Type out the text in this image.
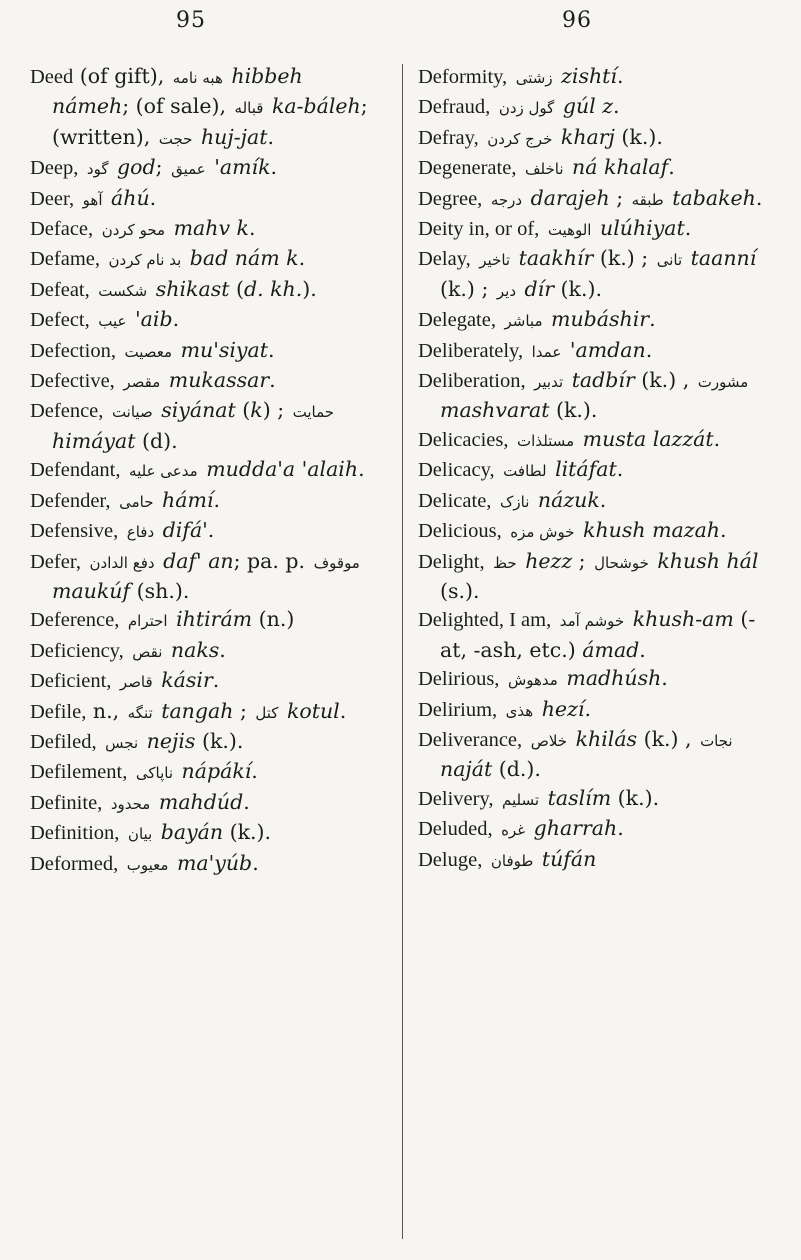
95	96

Deed (of gift), هبه نامه hibbeh námeh; (of sale), قباله ka-báleh; (written), حجت huj-jat.

Deep, گود god; عميق 'amík.

Deer, آهو áhú.

Deface, محو کردن mahv k.

Defame, بد نام کردن bad nám k.

Defeat, شکست shikast (d. kh.).

Defect, عيب 'aib.

Defection, معصيت mu'siyat.

Defective, مقصر mukassar.

Defence, صيانت siyánat (k) ; حمايت himáyat (d).

Defendant, مدعی عليه mudda'a 'alaih.

Defender, حامی hámí.

Defensive, دفاع difá'.

Defer, دفع الدادن daf' an; pa. p. موقوف maukúf (sh.).

Deference, احترام ihtirám (n.)

Deficiency, نقص naks.

Deficient, قاصر kásir.

Defile, n., تنگه tangah ; کتل kotul.

Defiled, نجس nejis (k.).

Defilement, ناپاکی nápákí.

Definite, محدود mahdúd.

Definition, بيان bayán (k.).

Deformed, معيوب ma'yúb.

Deformity, زشتی zishtí.

Defraud, گول زدن gúl z.

Defray, خرج کردن kharj (k.).

Degenerate, ناخلف ná khalaf.

Degree, درجه darajeh ; طبقه tabakeh.

Deity in, or of, الوهيت ulúhiyat.

Delay, تاخير taakhír (k.) ; تانی taanní (k.) ; دير dír (k.).

Delegate, مباشر mubáshir.

Deliberately, عمدا 'amdan.

Deliberation, تدبير tadbír (k.) , مشورت mashvarat (k.).

Delicacies, مستلذات musta lazzát.

Delicacy, لطافت litáfat.

Delicate, نازک názuk.

Delicious, خوش مزه khush mazah.

Delight, حظ hezz ; خوشحال khush hál (s.).

Delighted, I am, خوشم آمد khush-am (-at, -ash, etc.) ámad.

Delirious, مدهوش madhúsh.

Delirium, هذی hezí.

Deliverance, خلاص khilás (k.) , نجات naját (d.).

Delivery, تسليم taslím (k.).

Deluded, غره gharrah.

Deluge, طوفان túfán
